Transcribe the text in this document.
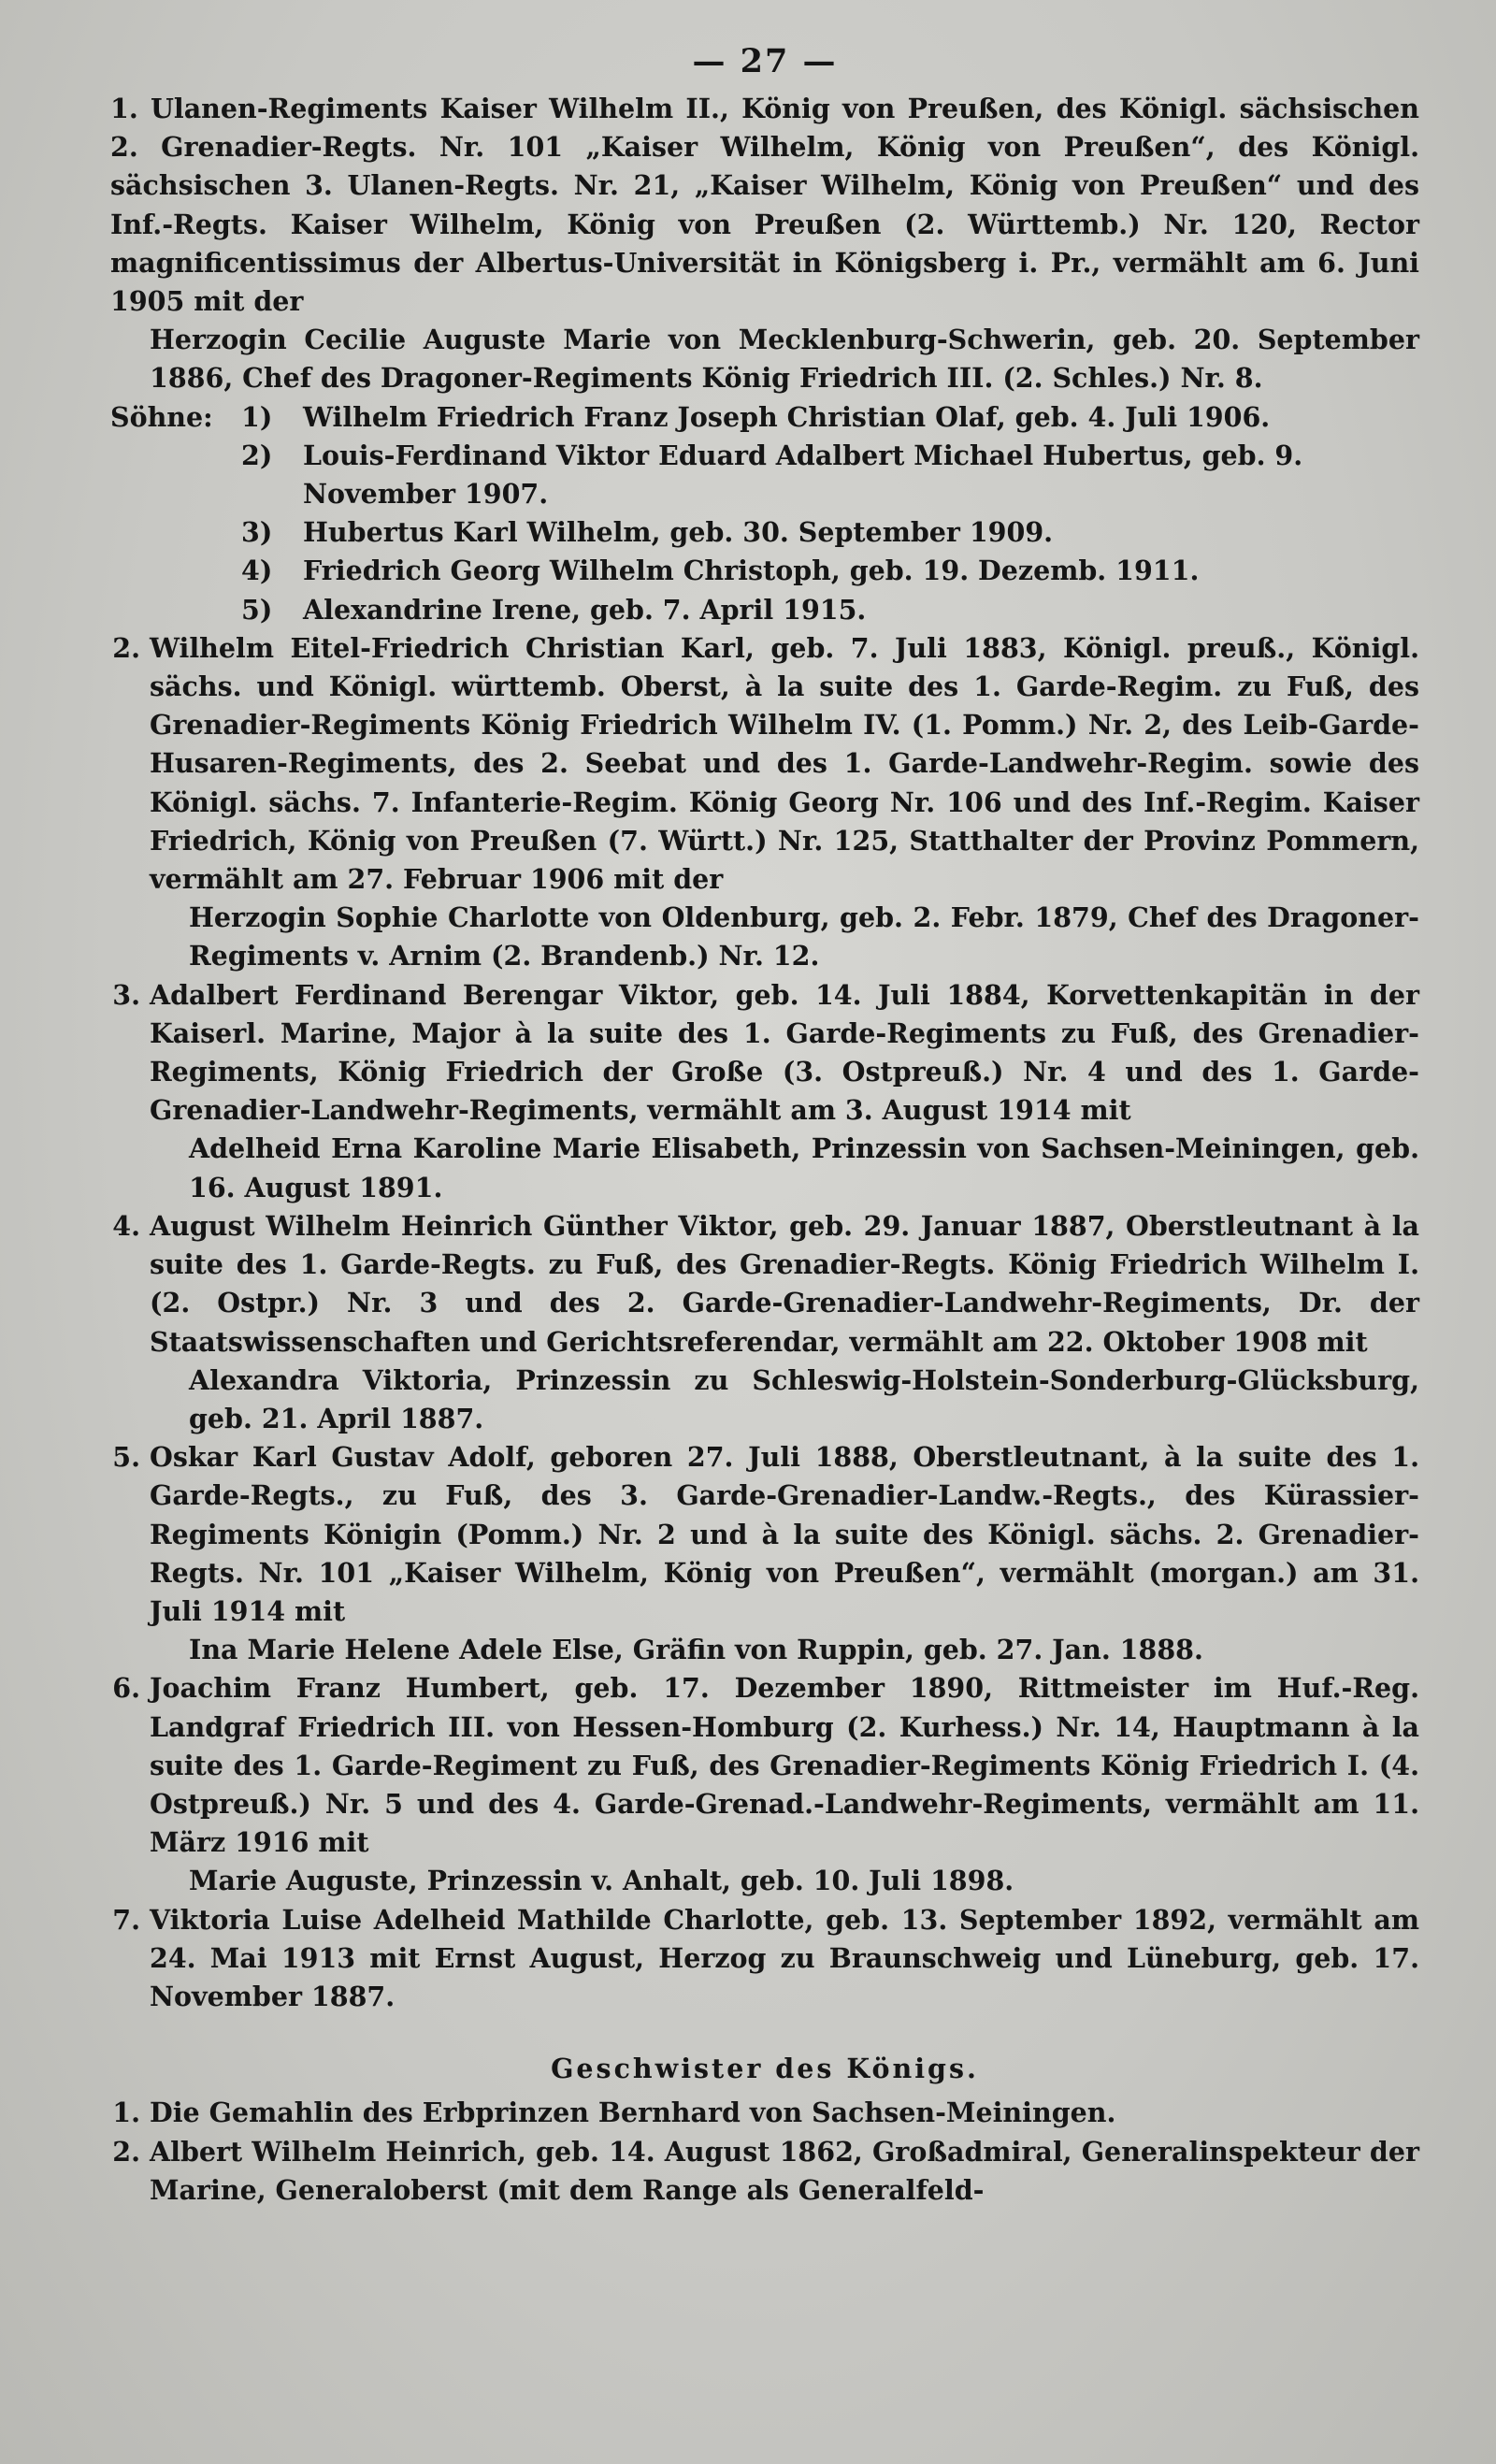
— 27 —
1. Ulanen-Regiments Kaiser Wilhelm II., König von Preußen, des Königl. sächsischen 2. Grenadier-Regts. Nr. 101 „Kaiser Wilhelm, König von Preußen“, des Königl. sächsischen 3. Ulanen-Regts. Nr. 21, „Kaiser Wilhelm, König von Preußen“ und des Inf.-Regts. Kaiser Wilhelm, König von Preußen (2. Württemb.) Nr. 120, Rector magnificentissimus der Albertus-Universität in Königsberg i. Pr., vermählt am 6. Juni 1905 mit der
Herzogin Cecilie Auguste Marie von Mecklenburg-Schwerin, geb. 20. September 1886, Chef des Dragoner-Regiments König Friedrich III. (2. Schles.) Nr. 8.
Söhne: 1) Wilhelm Friedrich Franz Joseph Christian Olaf, geb. 4. Juli 1906.
2) Louis-Ferdinand Viktor Eduard Adalbert Michael Hubertus, geb. 9. November 1907.
3) Hubertus Karl Wilhelm, geb. 30. September 1909.
4) Friedrich Georg Wilhelm Christoph, geb. 19. Dezemb. 1911.
5) Alexandrine Irene, geb. 7. April 1915.
2. Wilhelm Eitel-Friedrich Christian Karl, geb. 7. Juli 1883, Königl. preuß., Königl. sächs. und Königl. württemb. Oberst, à la suite des 1. Garde-Regim. zu Fuß, des Grenadier-Regiments König Friedrich Wilhelm IV. (1. Pomm.) Nr. 2, des Leib-Garde-Husaren-Regiments, des 2. Seebat und des 1. Garde-Landwehr-Regim. sowie des Königl. sächs. 7. Infanterie-Regim. König Georg Nr. 106 und des Inf.-Regim. Kaiser Friedrich, König von Preußen (7. Württ.) Nr. 125, Statthalter der Provinz Pommern, vermählt am 27. Februar 1906 mit der
Herzogin Sophie Charlotte von Oldenburg, geb. 2. Febr. 1879, Chef des Dragoner-Regiments v. Arnim (2. Brandenb.) Nr. 12.
3. Adalbert Ferdinand Berengar Viktor, geb. 14. Juli 1884, Korvettenkapitän in der Kaiserl. Marine, Major à la suite des 1. Garde-Regiments zu Fuß, des Grenadier-Regiments, König Friedrich der Große (3. Ostpreuß.) Nr. 4 und des 1. Garde-Grenadier-Landwehr-Regiments, vermählt am 3. August 1914 mit
Adelheid Erna Karoline Marie Elisabeth, Prinzessin von Sachsen-Meiningen, geb. 16. August 1891.
4. August Wilhelm Heinrich Günther Viktor, geb. 29. Januar 1887, Oberstleutnant à la suite des 1. Garde-Regts. zu Fuß, des Grenadier-Regts. König Friedrich Wilhelm I. (2. Ostpr.) Nr. 3 und des 2. Garde-Grenadier-Landwehr-Regiments, Dr. der Staatswissenschaften und Gerichtsreferendar, vermählt am 22. Oktober 1908 mit
Alexandra Viktoria, Prinzessin zu Schleswig-Holstein-Sonderburg-Glücksburg, geb. 21. April 1887.
5. Oskar Karl Gustav Adolf, geboren 27. Juli 1888, Oberstleutnant, à la suite des 1. Garde-Regts., zu Fuß, des 3. Garde-Grenadier-Landw.-Regts., des Kürassier-Regiments Königin (Pomm.) Nr. 2 und à la suite des Königl. sächs. 2. Grenadier-Regts. Nr. 101 „Kaiser Wilhelm, König von Preußen“, vermählt (morgan.) am 31. Juli 1914 mit
Ina Marie Helene Adele Else, Gräfin von Ruppin, geb. 27. Jan. 1888.
6. Joachim Franz Humbert, geb. 17. Dezember 1890, Rittmeister im Huf.-Reg. Landgraf Friedrich III. von Hessen-Homburg (2. Kurhess.) Nr. 14, Hauptmann à la suite des 1. Garde-Regiment zu Fuß, des Grenadier-Regiments König Friedrich I. (4. Ostpreuß.) Nr. 5 und des 4. Garde-Grenad.-Landwehr-Regiments, vermählt am 11. März 1916 mit
Marie Auguste, Prinzessin v. Anhalt, geb. 10. Juli 1898.
7. Viktoria Luise Adelheid Mathilde Charlotte, geb. 13. September 1892, vermählt am 24. Mai 1913 mit Ernst August, Herzog zu Braunschweig und Lüneburg, geb. 17. November 1887.
Geschwister des Königs.
1. Die Gemahlin des Erbprinzen Bernhard von Sachsen-Meiningen.
2. Albert Wilhelm Heinrich, geb. 14. August 1862, Großadmiral, Generalinspekteur der Marine, Generaloberst (mit dem Range als Generalfeld-
